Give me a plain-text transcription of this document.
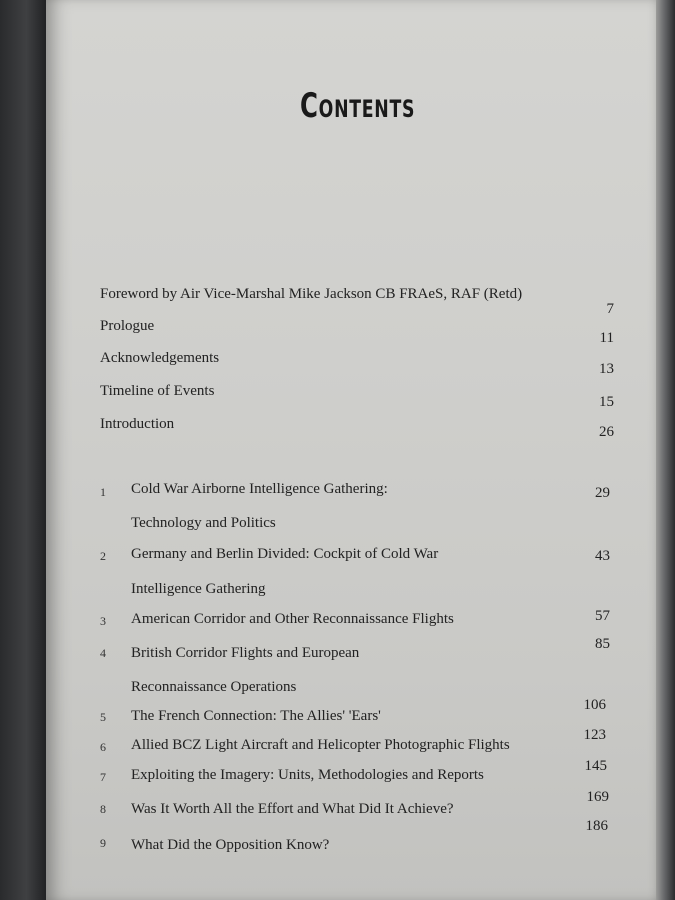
Contents
Foreword by Air Vice-Marshal Mike Jackson CB FRAeS, RAF (Retd)
7
Prologue
11
Acknowledgements
13
Timeline of Events
15
Introduction	26
1 Cold War Airborne Intelligence Gathering:
Technology and Politics
29
2 Germany and Berlin Divided: Cockpit of Cold War
Intelligence Gathering
43
3 American Corridor and Other Reconnaissance Flights	57
4 British Corridor Flights and European
Reconnaissance Operations
85
5 The French Connection: The Allies' 'Ears'
106
6 Allied BCZ Light Aircraft and Helicopter Photographic Flights
123
7 Exploiting the Imagery: Units, Methodologies and Reports
145
8 Was It Worth All the Effort and What Did It Achieve?
169
9 What Did the Opposition Know?
186
